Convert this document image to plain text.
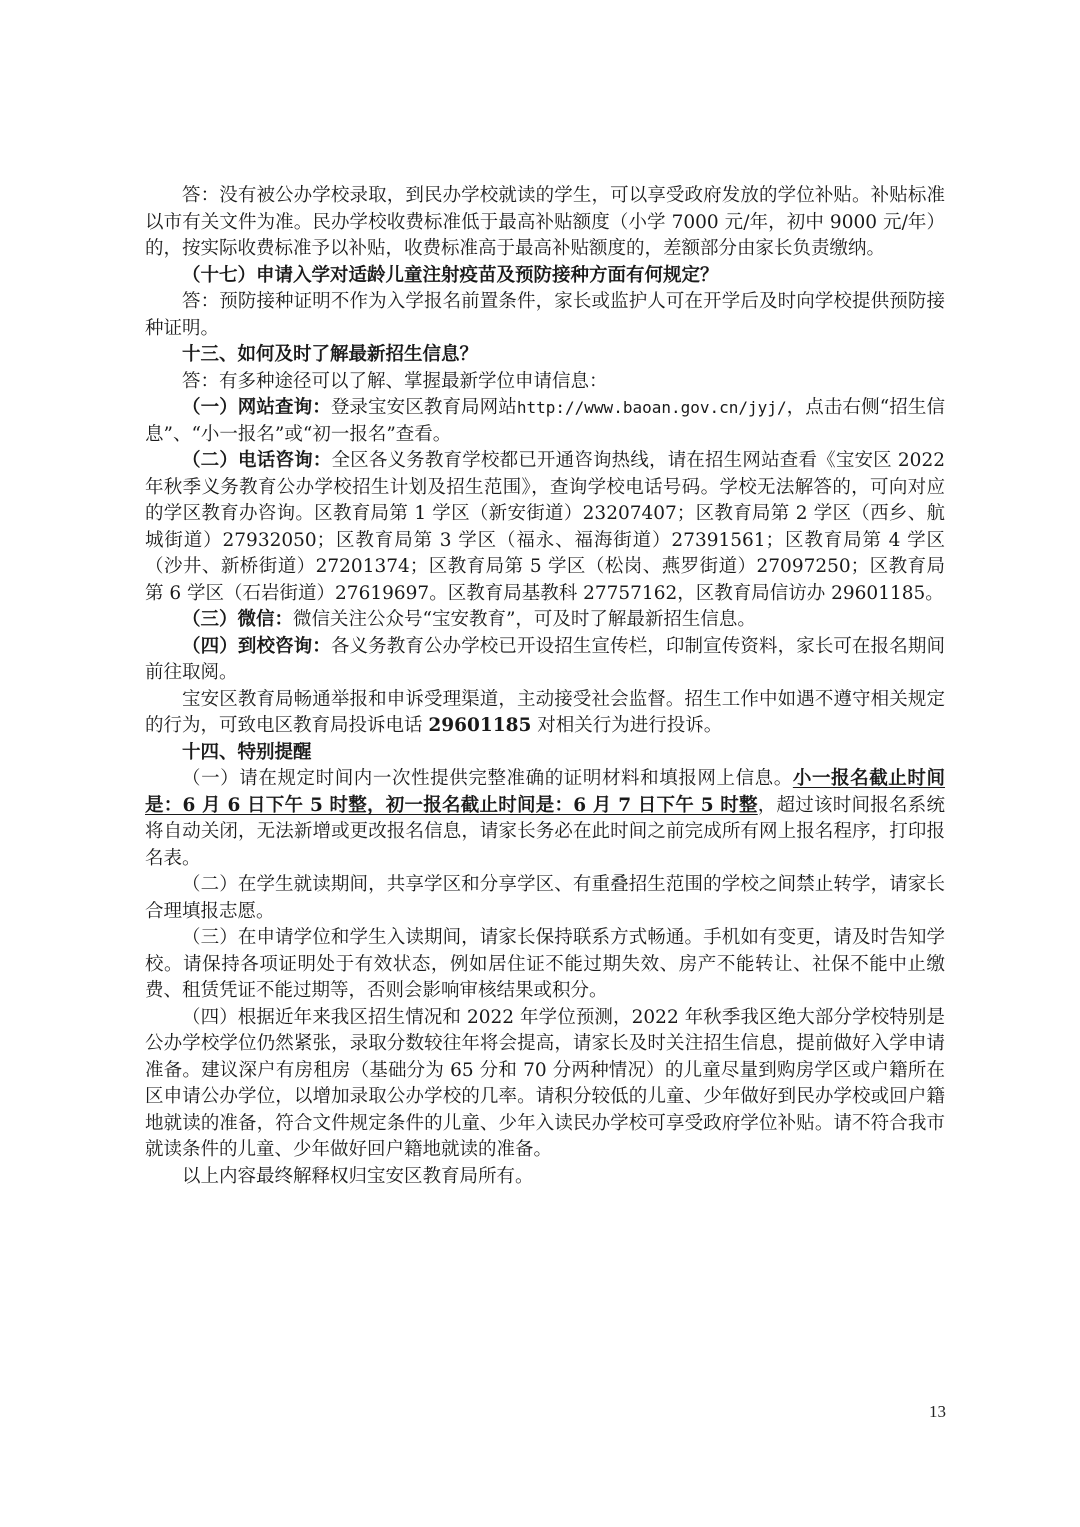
答：没有被公办学校录取，到民办学校就读的学生，可以享受政府发放的学位补贴。补贴标准以市有关文件为准。民办学校收费标准低于最高补贴额度（小学 7000 元/年，初中 9000 元/年）的，按实际收费标准予以补贴，收费标准高于最高补贴额度的，差额部分由家长负责缴纳。

（十七）申请入学对适龄儿童注射疫苗及预防接种方面有何规定？

答：预防接种证明不作为入学报名前置条件，家长或监护人可在开学后及时向学校提供预防接种证明。

十三、如何及时了解最新招生信息？

答：有多种途径可以了解、掌握最新学位申请信息：

（一）网站查询：登录宝安区教育局网站http://www.baoan.gov.cn/jyj/，点击右侧“招生信息”、“小一报名”或“初一报名”查看。

（二）电话咨询：全区各义务教育学校都已开通咨询热线，请在招生网站查看《宝安区 2022 年秋季义务教育公办学校招生计划及招生范围》，查询学校电话号码。学校无法解答的，可向对应的学区教育办咨询。区教育局第 1 学区（新安街道）23207407；区教育局第 2 学区（西乡、航城街道）27932050；区教育局第 3 学区（福永、福海街道）27391561；区教育局第 4 学区（沙井、新桥街道）27201374；区教育局第 5 学区（松岗、燕罗街道）27097250；区教育局第 6 学区（石岩街道）27619697。区教育局基教科 27757162，区教育局信访办 29601185。

（三）微信：微信关注公众号“宝安教育”，可及时了解最新招生信息。

（四）到校咨询：各义务教育公办学校已开设招生宣传栏，印制宣传资料，家长可在报名期间前往取阅。

宝安区教育局畅通举报和申诉受理渠道，主动接受社会监督。招生工作中如遇不遵守相关规定的行为，可致电区教育局投诉电话 29601185 对相关行为进行投诉。

十四、特别提醒

（一）请在规定时间内一次性提供完整准确的证明材料和填报网上信息。小一报名截止时间是：6 月 6 日下午 5 时整，初一报名截止时间是：6 月 7 日下午 5 时整，超过该时间报名系统将自动关闭，无法新增或更改报名信息，请家长务必在此时间之前完成所有网上报名程序，打印报名表。

（二）在学生就读期间，共享学区和分享学区、有重叠招生范围的学校之间禁止转学，请家长合理填报志愿。

（三）在申请学位和学生入读期间，请家长保持联系方式畅通。手机如有变更，请及时告知学校。请保持各项证明处于有效状态，例如居住证不能过期失效、房产不能转让、社保不能中止缴费、租赁凭证不能过期等，否则会影响审核结果或积分。

（四）根据近年来我区招生情况和 2022 年学位预测，2022 年秋季我区绝大部分学校特别是公办学校学位仍然紧张，录取分数较往年将会提高，请家长及时关注招生信息，提前做好入学申请准备。建议深户有房租房（基础分为 65 分和 70 分两种情况）的儿童尽量到购房学区或户籍所在区申请公办学位，以增加录取公办学校的几率。请积分较低的儿童、少年做好到民办学校或回户籍地就读的准备，符合文件规定条件的儿童、少年入读民办学校可享受政府学位补贴。请不符合我市就读条件的儿童、少年做好回户籍地就读的准备。

以上内容最终解释权归宝安区教育局所有。

13
